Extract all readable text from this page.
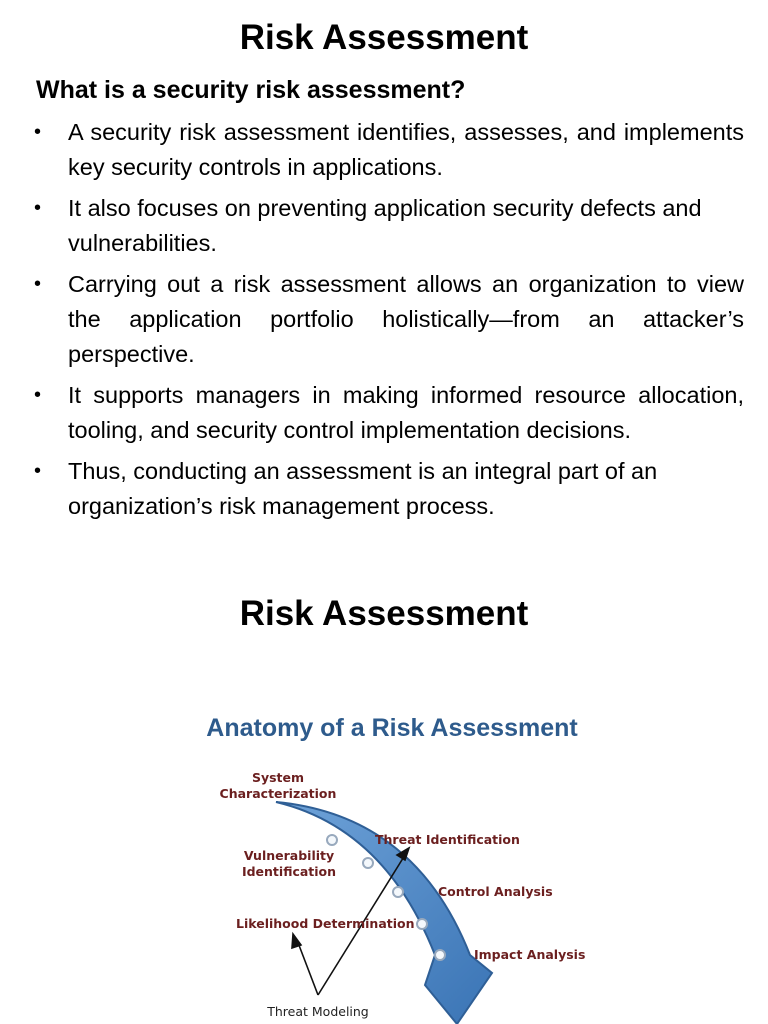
Risk Assessment

What is a security risk assessment?

• A security risk assessment identifies, assesses, and implements key security controls in applications.
• It also focuses on preventing application security defects and vulnerabilities.
• Carrying out a risk assessment allows an organization to view the application portfolio holistically—from an attacker’s perspective.
• It supports managers in making informed resource allocation, tooling, and security control implementation decisions.
• Thus, conducting an assessment is an integral part of an organization’s risk management process.
Risk Assessment
Anatomy of a Risk Assessment
System
Characterization
Threat Identification
Vulnerability
Identification
Control Analysis
Likelihood Determination
Impact Analysis
Threat Modeling
